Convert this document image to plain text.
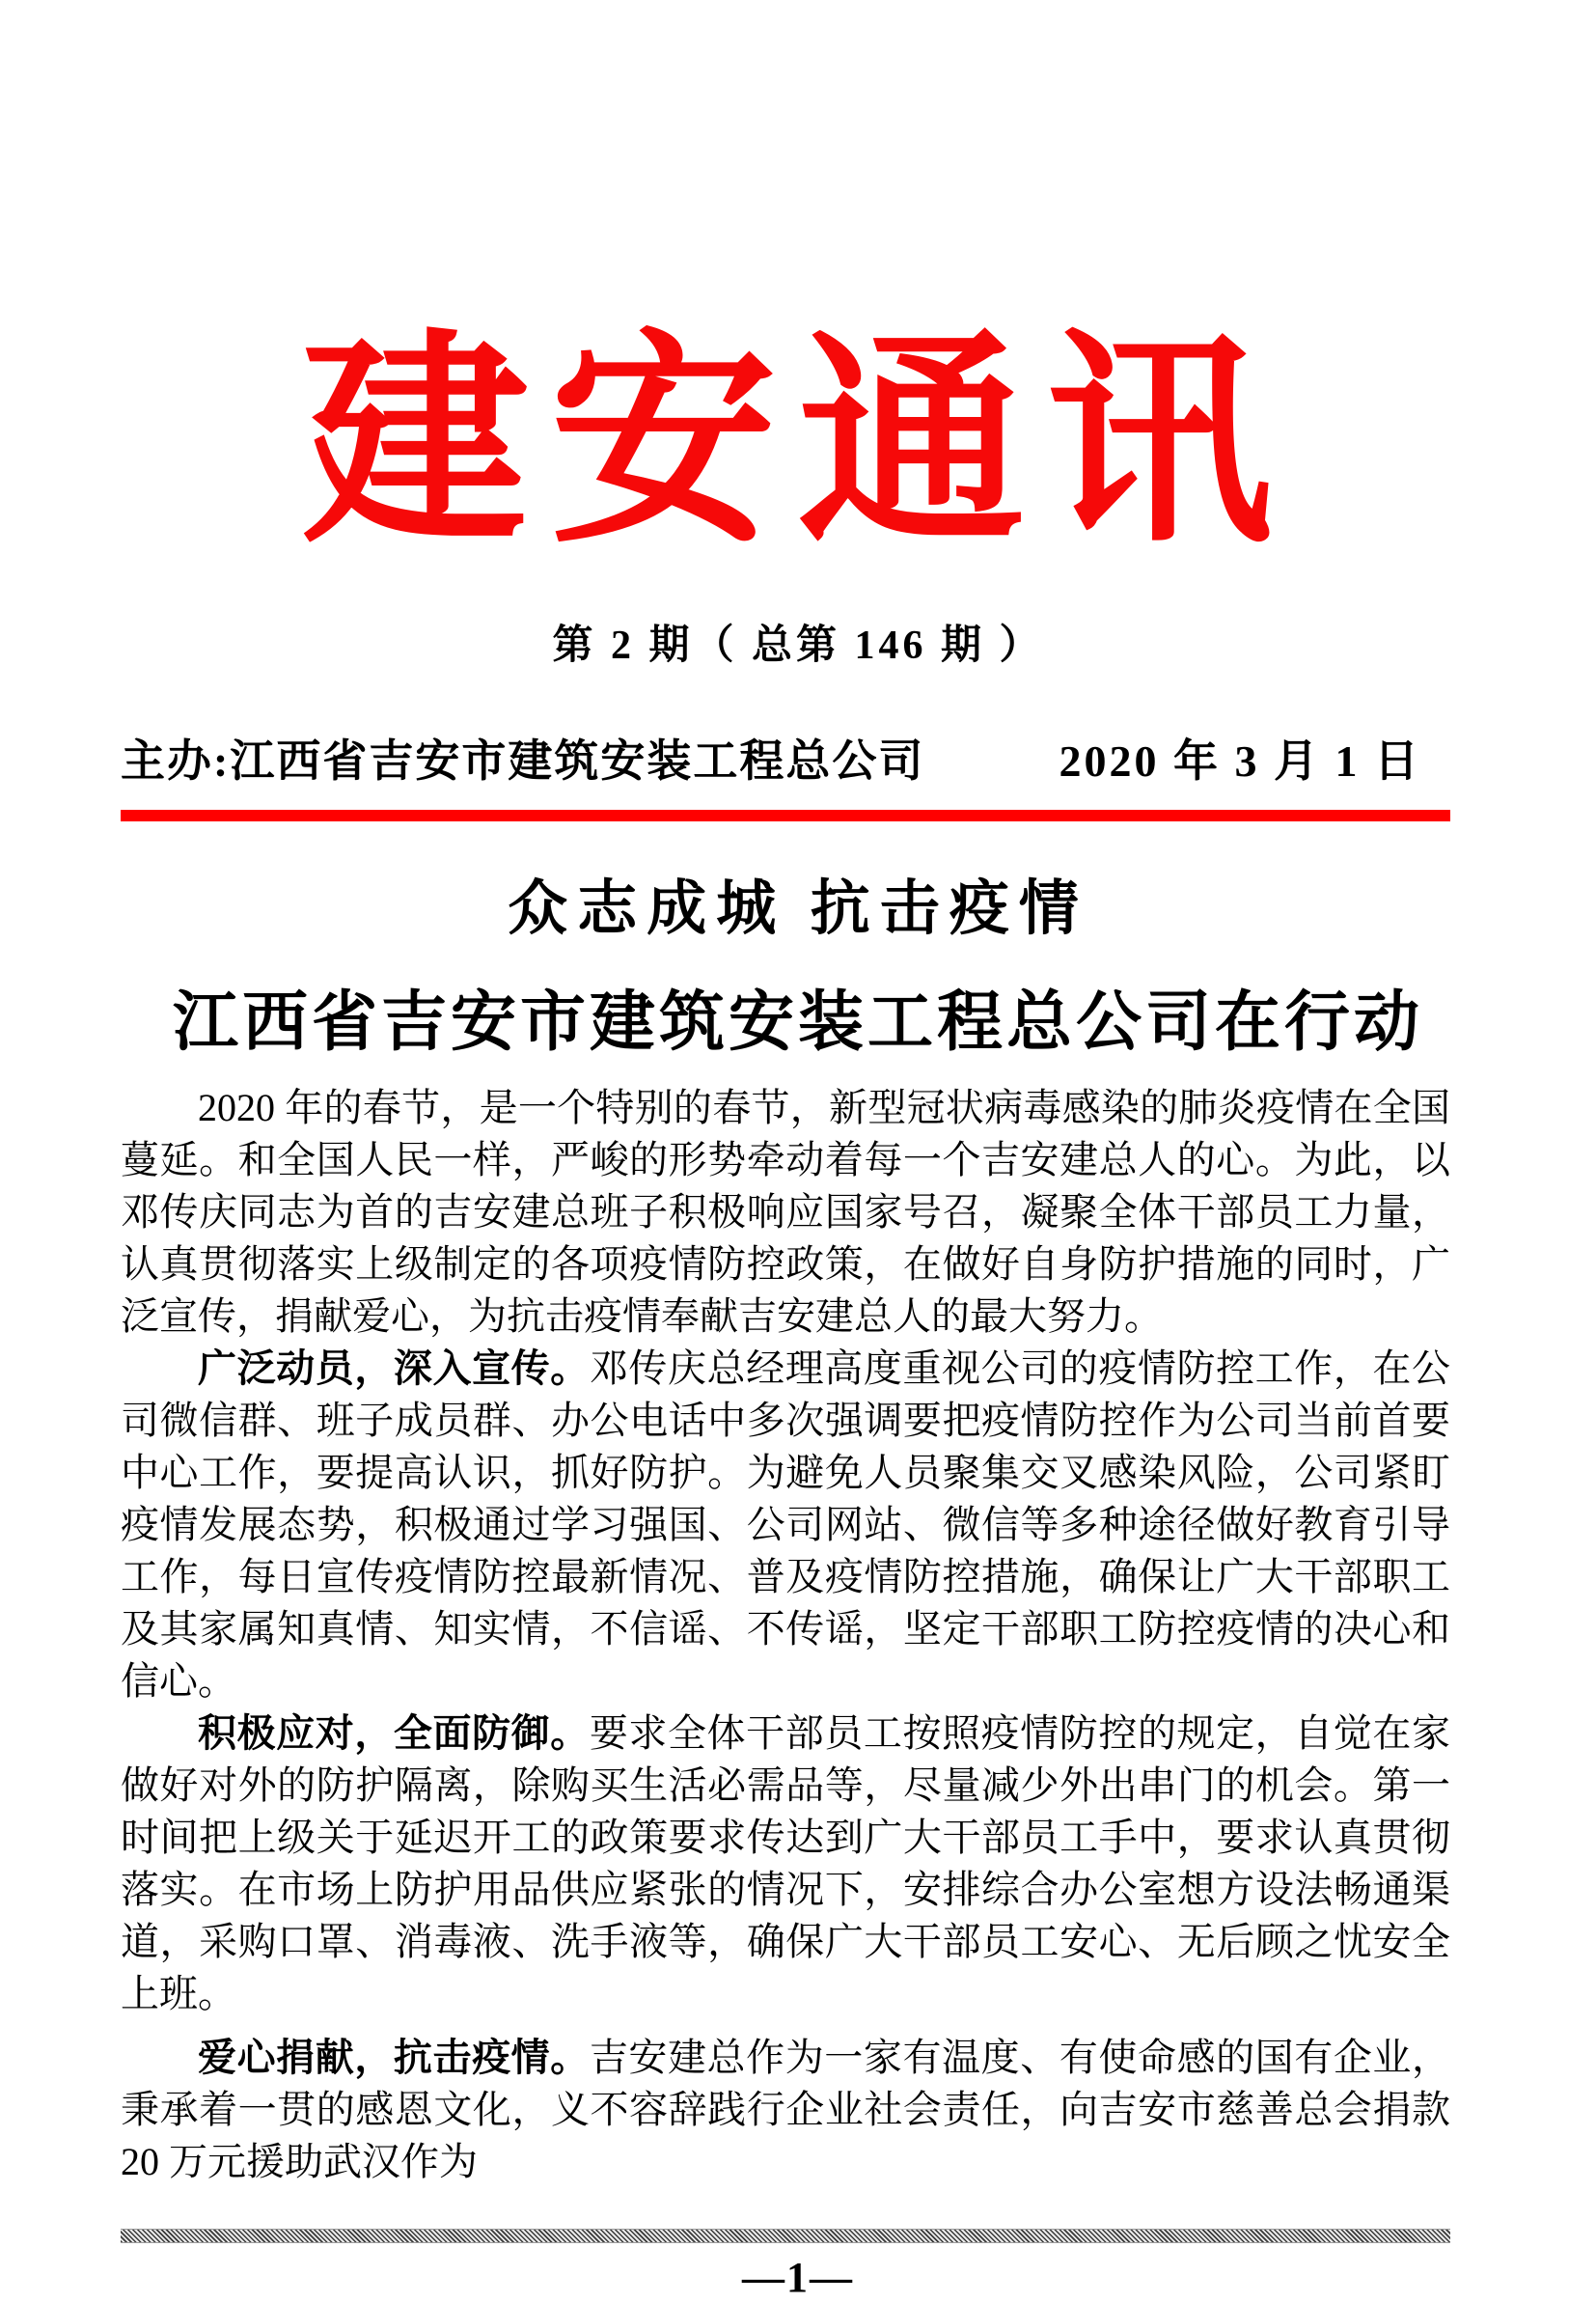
建安通讯
第 2 期（ 总第 146 期 ）
主办:江西省吉安市建筑安装工程总公司	2020 年 3 月 1 日
众志成城 抗击疫情
江西省吉安市建筑安装工程总公司在行动

2020 年的春节，是一个特别的春节，新型冠状病毒感染的肺炎疫情在全国蔓延。和全国人民一样，严峻的形势牵动着每一个吉安建总人的心。为此，以邓传庆同志为首的吉安建总班子积极响应国家号召，凝聚全体干部员工力量，认真贯彻落实上级制定的各项疫情防控政策，在做好自身防护措施的同时，广泛宣传，捐献爱心，为抗击疫情奉献吉安建总人的最大努力。

广泛动员，深入宣传。邓传庆总经理高度重视公司的疫情防控工作，在公司微信群、班子成员群、办公电话中多次强调要把疫情防控作为公司当前首要中心工作，要提高认识，抓好防护。为避免人员聚集交叉感染风险，公司紧盯疫情发展态势，积极通过学习强国、公司网站、微信等多种途径做好教育引导工作，每日宣传疫情防控最新情况、普及疫情防控措施，确保让广大干部职工及其家属知真情、知实情，不信谣、不传谣，坚定干部职工防控疫情的决心和信心。

积极应对，全面防御。要求全体干部员工按照疫情防控的规定，自觉在家做好对外的防护隔离，除购买生活必需品等，尽量减少外出串门的机会。第一时间把上级关于延迟开工的政策要求传达到广大干部员工手中，要求认真贯彻落实。在市场上防护用品供应紧张的情况下，安排综合办公室想方设法畅通渠道，采购口罩、消毒液、洗手液等，确保广大干部员工安心、无后顾之忧安全上班。

爱心捐献，抗击疫情。吉安建总作为一家有温度、有使命感的国有企业，秉承着一贯的感恩文化，义不容辞践行企业社会责任，向吉安市慈善总会捐款 20 万元援助武汉作为

—1—
